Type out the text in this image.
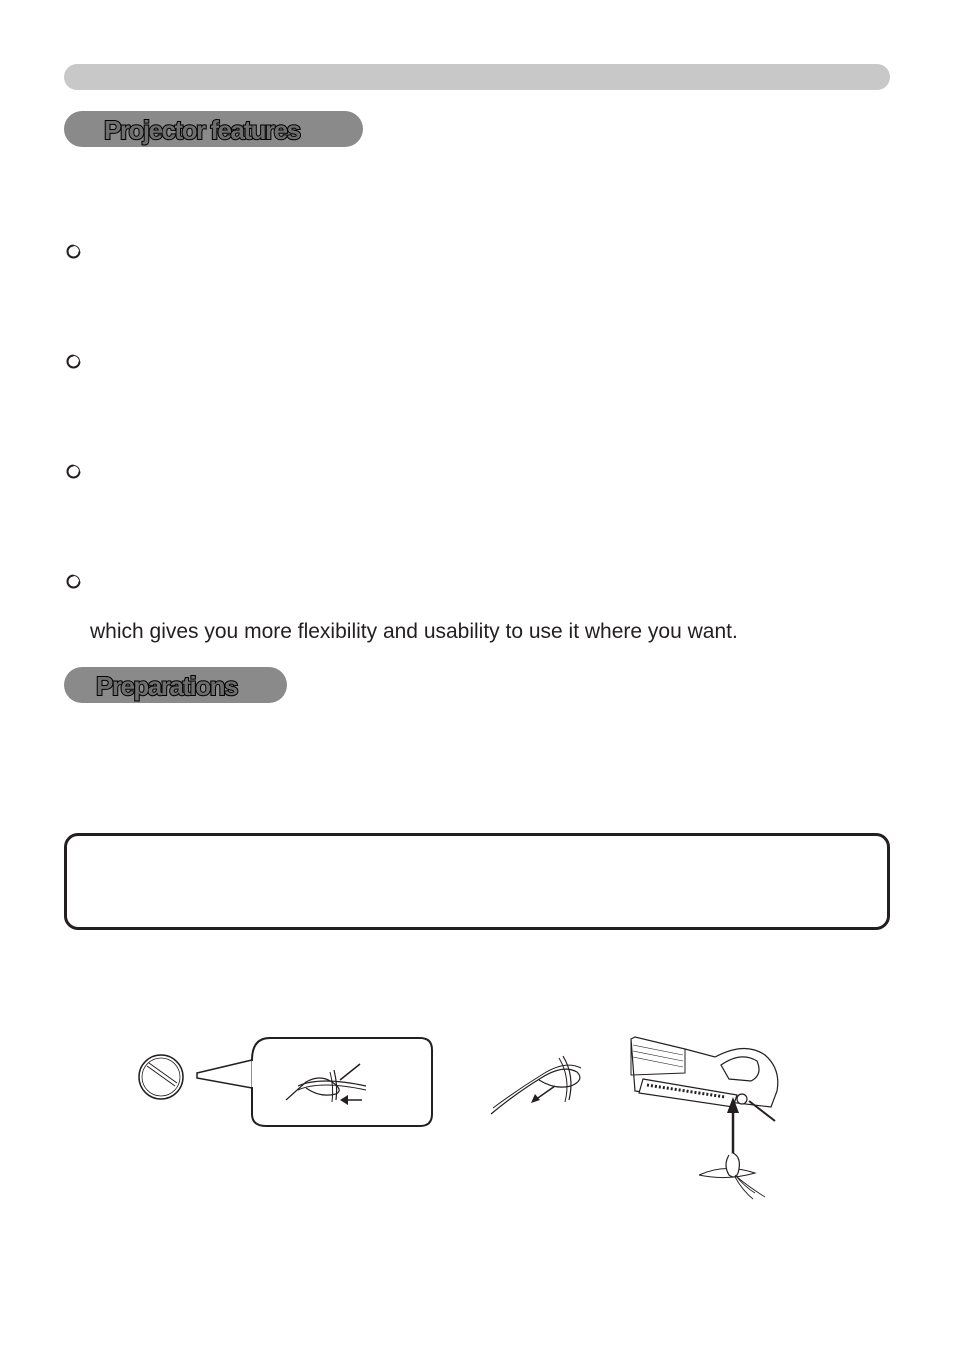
Projector features
which gives you more flexibility and usability to use it where you want.
Preparations
